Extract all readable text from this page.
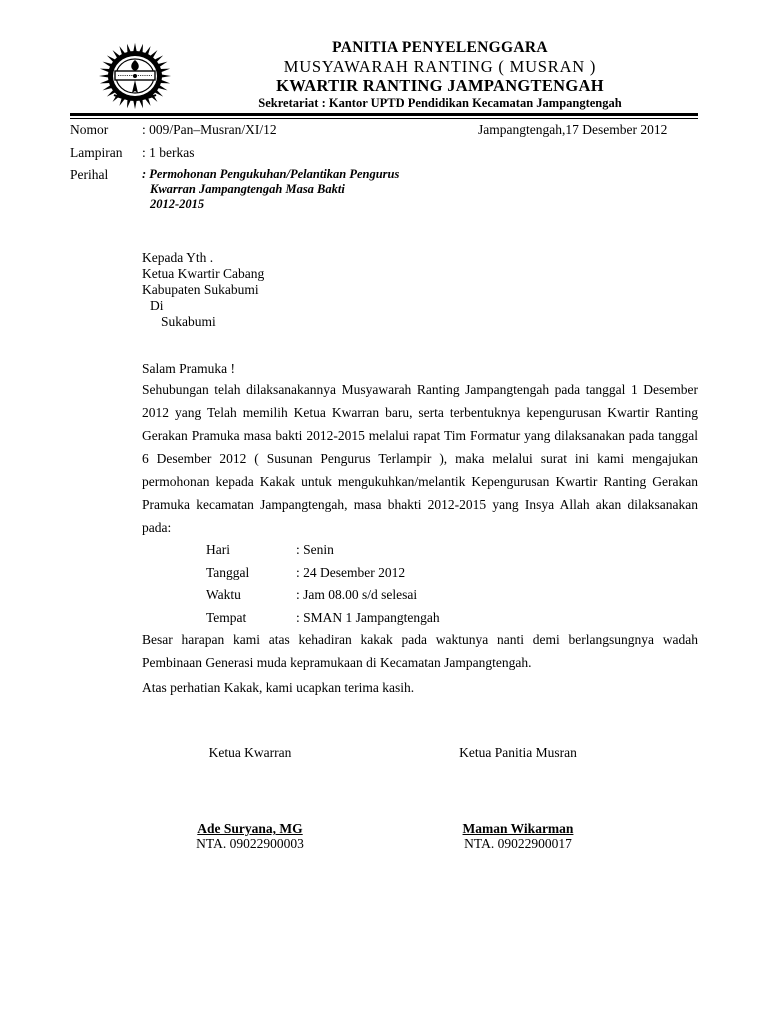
PANITIA PENYELENGGARA
MUSYAWARAH RANTING ( MUSRAN )
KWARTIR RANTING JAMPANGTENGAH
Sekretariat : Kantor UPTD Pendidikan Kecamatan Jampangtengah
Nomor	: 009/Pan–Musran/XI/12	Jampangtengah,17 Desember 2012
Lampiran : 1 berkas
Perihal	: Permohonan Pengukuhan/Pelantikan Pengurus
Kwarran Jampangtengah Masa Bakti
2012-2015
Kepada Yth .
Ketua Kwartir Cabang
Kabupaten Sukabumi
Di
Sukabumi
Salam Pramuka !
Sehubungan telah dilaksanakannya Musyawarah Ranting Jampangtengah pada tanggal 1 Desember 2012 yang Telah memilih Ketua Kwarran baru, serta terbentuknya kepengurusan Kwartir Ranting Gerakan Pramuka masa bakti 2012-2015 melalui rapat Tim Formatur yang dilaksanakan pada tanggal 6 Desember 2012 ( Susunan Pengurus Terlampir ), maka melalui surat ini kami mengajukan permohonan kepada Kakak untuk mengukuhkan/melantik Kepengurusan Kwartir Ranting Gerakan Pramuka kecamatan Jampangtengah, masa bhakti 2012-2015 yang Insya Allah akan dilaksanakan pada:
Hari	: Senin
Tanggal	: 24 Desember 2012
Waktu	: Jam 08.00 s/d selesai
Tempat	: SMAN 1 Jampangtengah
Besar harapan kami atas kehadiran kakak pada waktunya nanti demi berlangsungnya wadah Pembinaan Generasi muda kepramukaan di Kecamatan Jampangtengah.
Atas perhatian Kakak, kami ucapkan terima kasih.
Ketua Kwarran
Ade Suryana, MG
NTA. 09022900003
Ketua Panitia Musran
Maman Wikarman
NTA. 09022900017
